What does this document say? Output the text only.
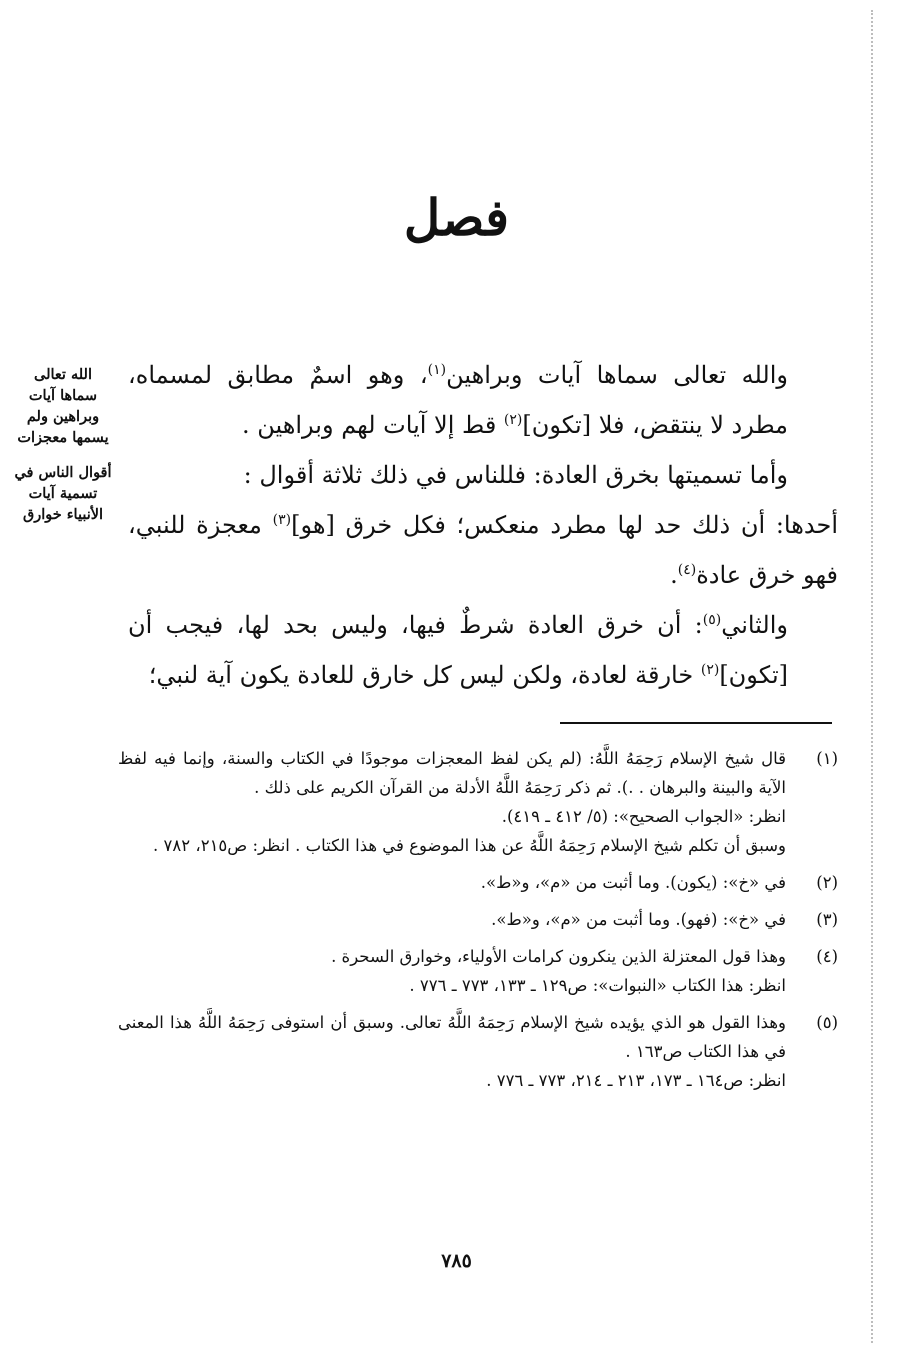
فصل

والله تعالى سماها آيات وبراهين$^{(١)}$، وهو اسمٌ مطابق لمسماه، مطرد لا ينتقض، فلا [تكون]$^{(٢)}$ قط إلا آيات لهم وبراهين .

وأما تسميتها بخرق العادة: فللناس في ذلك ثلاثة أقوال :

أحدها: أن ذلك حد لها مطرد منعكس؛ فكل خرق [هو]$^{(٣)}$ معجزة للنبي، فهو خرق عادة$^{(٤)}$.

والثاني$^{(٥)}$: أن خرق العادة شرطٌ فيها، وليس بحد لها، فيجب أن [تكون]$^{(٢)}$ خارقة لعادة، ولكن ليس كل خارق للعادة يكون آية لنبي؛

الله تعالى سماها آيات وبراهين ولم يسمها معجزات
أقوال الناس في تسمية آيات الأنبياء خوارق
(١)
قال شيخ الإسلام رَحِمَهُ اللَّهُ: (لم يكن لفظ المعجزات موجودًا في الكتاب والسنة، وإنما فيه لفظ الآية والبينة والبرهان . .). ثم ذكر رَحِمَهُ اللَّهُ الأدلة من القرآن الكريم على ذلك .
انظر: «الجواب الصحيح»: (٥/ ٤١٢ ـ ٤١٩).
وسبق أن تكلم شيخ الإسلام رَحِمَهُ اللَّهُ عن هذا الموضوع في هذا الكتاب . انظر: ص٢١٥، ٧٨٢ .
(٢)
في «خ»: (يكون). وما أثبت من «م»، و«ط».
(٣)
في «خ»: (فهو). وما أثبت من «م»، و«ط».
(٤)
وهذا قول المعتزلة الذين ينكرون كرامات الأولياء، وخوارق السحرة .
انظر: هذا الكتاب «النبوات»: ص١٢٩ ـ ١٣٣، ٧٧٣ ـ ٧٧٦ .
(٥)
وهذا القول هو الذي يؤيده شيخ الإسلام رَحِمَهُ اللَّهُ تعالى. وسبق أن استوفى رَحِمَهُ اللَّهُ هذا المعنى في هذا الكتاب ص١٦٣ .
انظر: ص١٦٤ ـ ١٧٣، ٢١٣ ـ ٢١٤، ٧٧٣ ـ ٧٧٦ .
٧٨٥
